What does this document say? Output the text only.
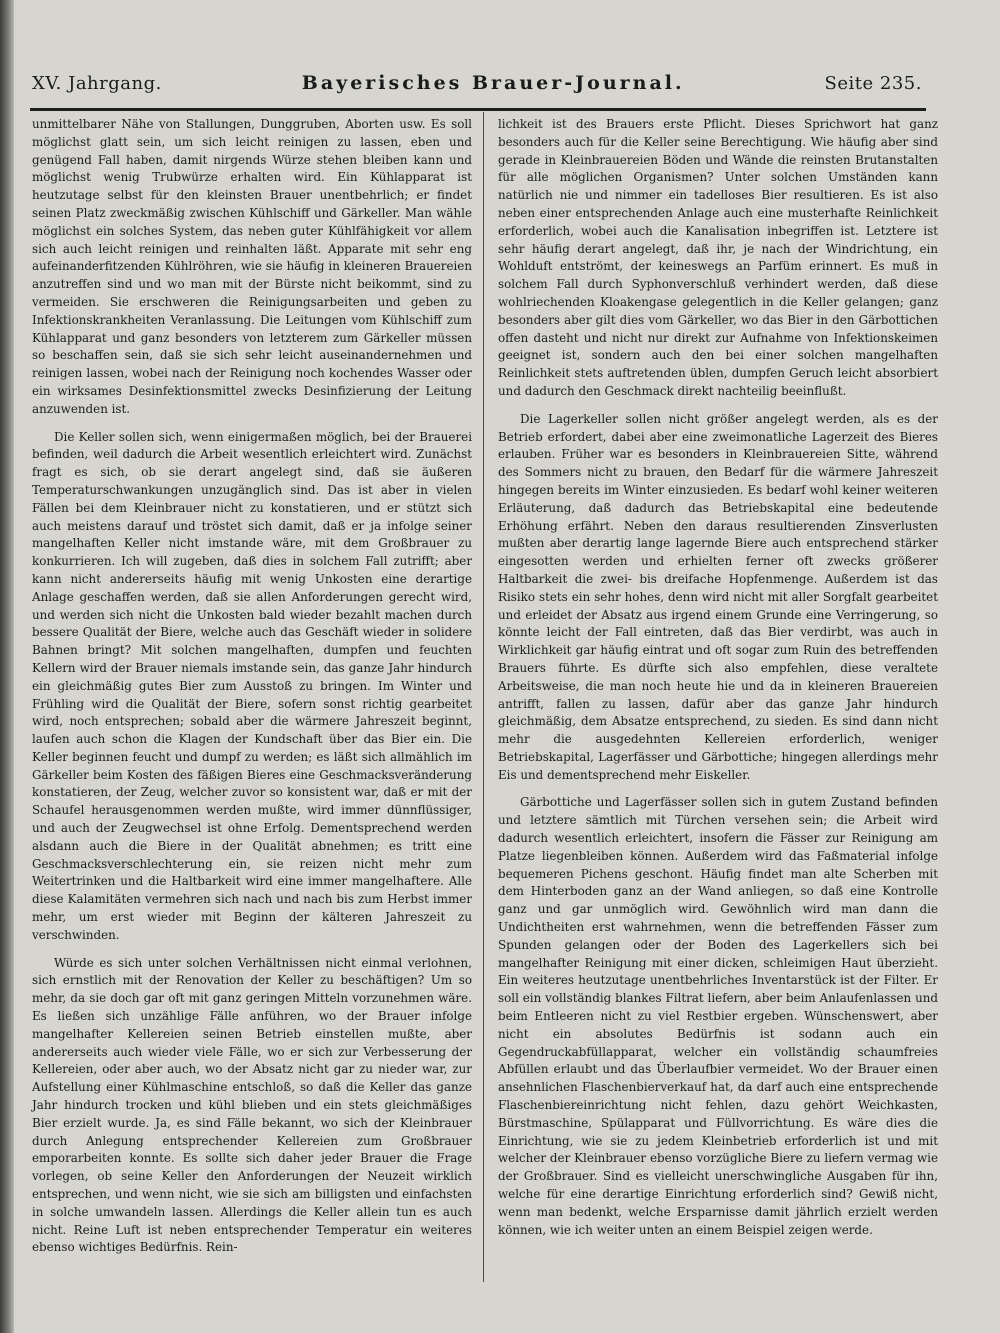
XV. Jahrgang.	Bayerisches Brauer-Journal.	Seite 235.

unmittelbarer Nähe von Stallungen, Dunggruben, Aborten usw. Es soll möglichst glatt sein, um sich leicht reinigen zu lassen, eben und genügend Fall haben, damit nirgends Würze stehen bleiben kann und möglichst wenig Trubwürze erhalten wird. Ein Kühlapparat ist heutzutage selbst für den kleinsten Brauer unentbehrlich; er findet seinen Platz zweckmäßig zwischen Kühlschiff und Gärkeller. Man wähle möglichst ein solches System, das neben guter Kühlfähigkeit vor allem sich auch leicht reinigen und reinhalten läßt. Apparate mit sehr eng aufeinanderfitzenden Kühlröhren, wie sie häufig in kleineren Brauereien anzutreffen sind und wo man mit der Bürste nicht beikommt, sind zu vermeiden. Sie erschweren die Reinigungsarbeiten und geben zu Infektionskrankheiten Veranlassung. Die Leitungen vom Kühlschiff zum Kühlapparat und ganz besonders von letzterem zum Gärkeller müssen so beschaffen sein, daß sie sich sehr leicht auseinandernehmen und reinigen lassen, wobei nach der Reinigung noch kochendes Wasser oder ein wirksames Desinfektionsmittel zwecks Desinfizierung der Leitung anzuwenden ist.

Die Keller sollen sich, wenn einigermaßen möglich, bei der Brauerei befinden, weil dadurch die Arbeit wesentlich erleichtert wird. Zunächst fragt es sich, ob sie derart angelegt sind, daß sie äußeren Temperaturschwankungen unzugänglich sind. Das ist aber in vielen Fällen bei dem Kleinbrauer nicht zu konstatieren, und er stützt sich auch meistens darauf und tröstet sich damit, daß er ja infolge seiner mangelhaften Keller nicht imstande wäre, mit dem Großbrauer zu konkurrieren. Ich will zugeben, daß dies in solchem Fall zutrifft; aber kann nicht andererseits häufig mit wenig Unkosten eine derartige Anlage geschaffen werden, daß sie allen Anforderungen gerecht wird, und werden sich nicht die Unkosten bald wieder bezahlt machen durch bessere Qualität der Biere, welche auch das Geschäft wieder in solidere Bahnen bringt? Mit solchen mangelhaften, dumpfen und feuchten Kellern wird der Brauer niemals imstande sein, das ganze Jahr hindurch ein gleichmäßig gutes Bier zum Ausstoß zu bringen. Im Winter und Frühling wird die Qualität der Biere, sofern sonst richtig gearbeitet wird, noch entsprechen; sobald aber die wärmere Jahreszeit beginnt, laufen auch schon die Klagen der Kundschaft über das Bier ein. Die Keller beginnen feucht und dumpf zu werden; es läßt sich allmählich im Gärkeller beim Kosten des fäßigen Bieres eine Geschmacksveränderung konstatieren, der Zeug, welcher zuvor so konsistent war, daß er mit der Schaufel herausgenommen werden mußte, wird immer dünnflüssiger, und auch der Zeugwechsel ist ohne Erfolg. Dementsprechend werden alsdann auch die Biere in der Qualität abnehmen; es tritt eine Geschmacksverschlechterung ein, sie reizen nicht mehr zum Weitertrinken und die Haltbarkeit wird eine immer mangelhaftere. Alle diese Kalamitäten vermehren sich nach und nach bis zum Herbst immer mehr, um erst wieder mit Beginn der kälteren Jahreszeit zu verschwinden.

Würde es sich unter solchen Verhältnissen nicht einmal verlohnen, sich ernstlich mit der Renovation der Keller zu beschäftigen? Um so mehr, da sie doch gar oft mit ganz geringen Mitteln vorzunehmen wäre. Es ließen sich unzählige Fälle anführen, wo der Brauer infolge mangelhafter Kellereien seinen Betrieb einstellen mußte, aber andererseits auch wieder viele Fälle, wo er sich zur Verbesserung der Kellereien, oder aber auch, wo der Absatz nicht gar zu nieder war, zur Aufstellung einer Kühlmaschine entschloß, so daß die Keller das ganze Jahr hindurch trocken und kühl blieben und ein stets gleichmäßiges Bier erzielt wurde. Ja, es sind Fälle bekannt, wo sich der Kleinbrauer durch Anlegung entsprechender Kellereien zum Großbrauer emporarbeiten konnte. Es sollte sich daher jeder Brauer die Frage vorlegen, ob seine Keller den Anforderungen der Neuzeit wirklich entsprechen, und wenn nicht, wie sie sich am billigsten und einfachsten in solche umwandeln lassen. Allerdings die Keller allein tun es auch nicht. Reine Luft ist neben entsprechender Temperatur ein weiteres ebenso wichtiges Bedürfnis. Rein-

lichkeit ist des Brauers erste Pflicht. Dieses Sprichwort hat ganz besonders auch für die Keller seine Berechtigung. Wie häufig aber sind gerade in Kleinbrauereien Böden und Wände die reinsten Brutanstalten für alle möglichen Organismen? Unter solchen Umständen kann natürlich nie und nimmer ein tadelloses Bier resultieren. Es ist also neben einer entsprechenden Anlage auch eine musterhafte Reinlichkeit erforderlich, wobei auch die Kanalisation inbegriffen ist. Letztere ist sehr häufig derart angelegt, daß ihr, je nach der Windrichtung, ein Wohlduft entströmt, der keineswegs an Parfüm erinnert. Es muß in solchem Fall durch Syphonverschluß verhindert werden, daß diese wohlriechenden Kloakengase gelegentlich in die Keller gelangen; ganz besonders aber gilt dies vom Gärkeller, wo das Bier in den Gärbottichen offen dasteht und nicht nur direkt zur Aufnahme von Infektionskeimen geeignet ist, sondern auch den bei einer solchen mangelhaften Reinlichkeit stets auftretenden üblen, dumpfen Geruch leicht absorbiert und dadurch den Geschmack direkt nachteilig beeinflußt.

Die Lagerkeller sollen nicht größer angelegt werden, als es der Betrieb erfordert, dabei aber eine zweimonatliche Lagerzeit des Bieres erlauben. Früher war es besonders in Kleinbrauereien Sitte, während des Sommers nicht zu brauen, den Bedarf für die wärmere Jahreszeit hingegen bereits im Winter einzusieden. Es bedarf wohl keiner weiteren Erläuterung, daß dadurch das Betriebskapital eine bedeutende Erhöhung erfährt. Neben den daraus resultierenden Zinsverlusten mußten aber derartig lange lagernde Biere auch entsprechend stärker eingesotten werden und erhielten ferner oft zwecks größerer Haltbarkeit die zwei- bis dreifache Hopfenmenge. Außerdem ist das Risiko stets ein sehr hohes, denn wird nicht mit aller Sorgfalt gearbeitet und erleidet der Absatz aus irgend einem Grunde eine Verringerung, so könnte leicht der Fall eintreten, daß das Bier verdirbt, was auch in Wirklichkeit gar häufig eintrat und oft sogar zum Ruin des betreffenden Brauers führte. Es dürfte sich also empfehlen, diese veraltete Arbeitsweise, die man noch heute hie und da in kleineren Brauereien antrifft, fallen zu lassen, dafür aber das ganze Jahr hindurch gleichmäßig, dem Absatze entsprechend, zu sieden. Es sind dann nicht mehr die ausgedehnten Kellereien erforderlich, weniger Betriebskapital, Lagerfässer und Gärbottiche; hingegen allerdings mehr Eis und dementsprechend mehr Eiskeller.

Gärbottiche und Lagerfässer sollen sich in gutem Zustand befinden und letztere sämtlich mit Türchen versehen sein; die Arbeit wird dadurch wesentlich erleichtert, insofern die Fässer zur Reinigung am Platze liegenbleiben können. Außerdem wird das Faßmaterial infolge bequemeren Pichens geschont. Häufig findet man alte Scherben mit dem Hinterboden ganz an der Wand anliegen, so daß eine Kontrolle ganz und gar unmöglich wird. Gewöhnlich wird man dann die Undichtheiten erst wahrnehmen, wenn die betreffenden Fässer zum Spunden gelangen oder der Boden des Lagerkellers sich bei mangelhafter Reinigung mit einer dicken, schleimigen Haut überzieht. Ein weiteres heutzutage unentbehrliches Inventarstück ist der Filter. Er soll ein vollständig blankes Filtrat liefern, aber beim Anlaufenlassen und beim Entleeren nicht zu viel Restbier ergeben. Wünschenswert, aber nicht ein absolutes Bedürfnis ist sodann auch ein Gegendruckabfüllapparat, welcher ein vollständig schaumfreies Abfüllen erlaubt und das Überlaufbier vermeidet. Wo der Brauer einen ansehnlichen Flaschenbierverkauf hat, da darf auch eine entsprechende Flaschenbiereinrichtung nicht fehlen, dazu gehört Weichkasten, Bürstmaschine, Spülapparat und Füllvorrichtung. Es wäre dies die Einrichtung, wie sie zu jedem Kleinbetrieb erforderlich ist und mit welcher der Kleinbrauer ebenso vorzügliche Biere zu liefern vermag wie der Großbrauer. Sind es vielleicht unerschwingliche Ausgaben für ihn, welche für eine derartige Einrichtung erforderlich sind? Gewiß nicht, wenn man bedenkt, welche Ersparnisse damit jährlich erzielt werden können, wie ich weiter unten an einem Beispiel zeigen werde.
